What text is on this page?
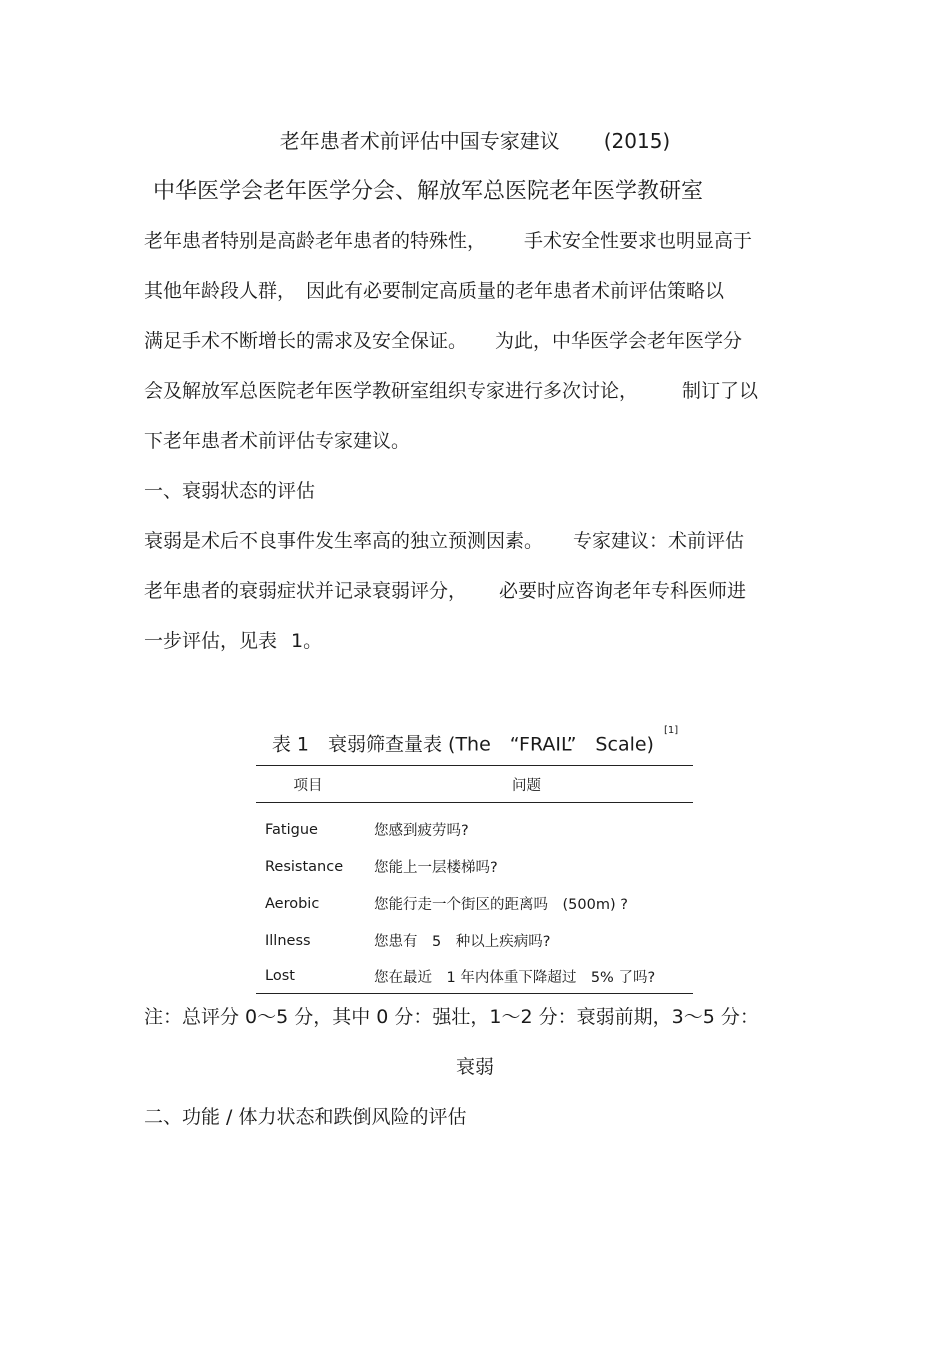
老年患者术前评估中国专家建议 (2015)
中华医学会老年医学分会、解放军总医院老年医学教研室
老年患者特别是高龄老年患者的特殊性， 手术安全性要求也明显高于
其他年龄段人群， 因此有必要制定高质量的老年患者术前评估策略以
满足手术不断增长的需求及安全保证。 为此，中华医学会老年医学分
会及解放军总医院老年医学教研室组织专家进行多次讨论， 制订了以
下老年患者术前评估专家建议。
一、衰弱状态的评估
衰弱是术后不良事件发生率高的独立预测因素。 专家建议：术前评估
老年患者的衰弱症状并记录衰弱评分， 必要时应咨询老年专科医师进
一步评估，见表 1。
表 1　衰弱筛查量表 (The　“FRAIL”　Scale)[1]
项目	问题
Fatigue	您感到疲劳吗?
Resistance	您能上一层楼梯吗?
Aerobic	您能行走一个街区的距离吗　(500m) ?
Illness	您患有　5　种以上疾病吗?
Lost	您在最近　1 年内体重下降超过　5% 了吗?
注：总评分 0～5 分，其中 0 分：强壮，1～2 分：衰弱前期，3～5 分：
衰弱
二、功能 / 体力状态和跌倒风险的评估
